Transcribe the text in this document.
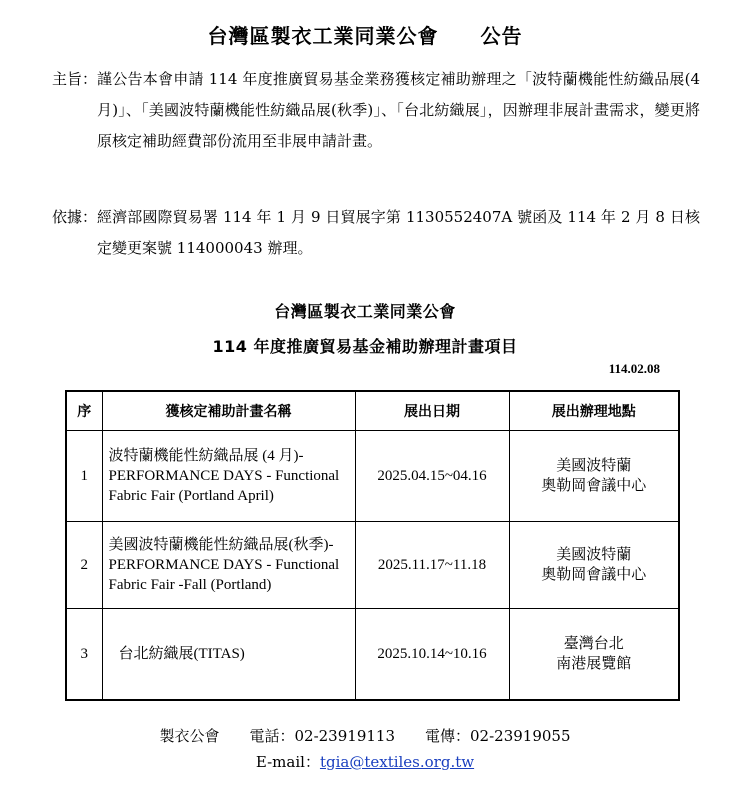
台灣區製衣工業同業公會　　公告
主旨： 謹公告本會申請 114 年度推廣貿易基金業務獲核定補助辦理之「波特蘭機能性紡織品展(4 月)」、「美國波特蘭機能性紡織品展(秋季)」、「台北紡織展」，因辦理非展計畫需求，變更將原核定補助經費部份流用至非展申請計畫。
依據： 經濟部國際貿易署 114 年 1 月 9 日貿展字第 1130552407A 號函及 114 年 2 月 8 日核定變更案號 114000043 辦理。
台灣區製衣工業同業公會
114 年度推廣貿易基金補助辦理計畫項目
114.02.08
序	獲核定補助計畫名稱	展出日期	展出辦理地點
1	波特蘭機能性紡織品展 (4 月)-PERFORMANCE DAYS - Functional Fabric Fair (Portland April)	2025.04.15~04.16	美國波特蘭
奧勒岡會議中心

2	美國波特蘭機能性紡織品展(秋季)-PERFORMANCE DAYS - Functional Fabric Fair -Fall (Portland)	2025.11.17~11.18	美國波特蘭
奧勒岡會議中心

3	台北紡織展(TITAS)	2025.10.14~10.16	臺灣台北
南港展覽館
製衣公會　　電話：02-23919113　　電傳：02-23919055
E-mail：tgia@textiles.org.tw
